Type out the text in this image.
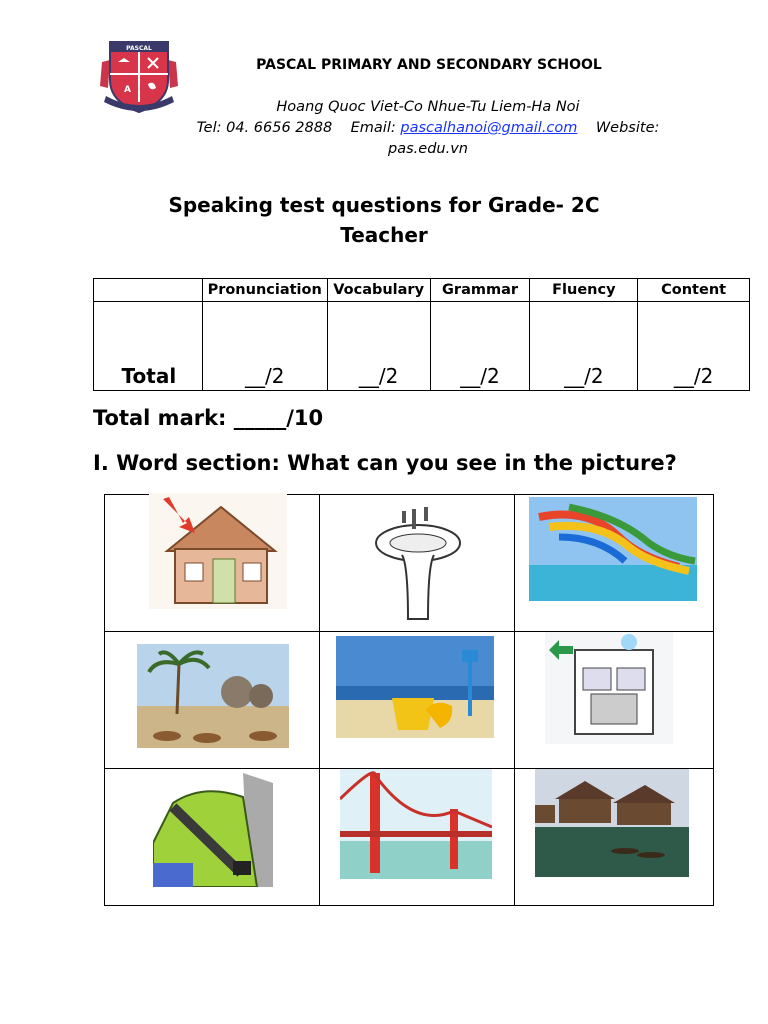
A
PASCAL
PASCAL PRIMARY AND SECONDARY SCHOOL
Hoang Quoc Viet-Co Nhue-Tu Liem-Ha Noi
Tel: 04. 6656 2888 Email: pascalhanoi@gmail.com Website:
pas.edu.vn
Speaking test questions for Grade- 2C
Teacher
	Pronunciation	Vocabulary	Grammar	Fluency	Content
Total	__/2	__/2	__/2	__/2	__/2
Total mark: _____/10
I. Word section: What can you see in the picture?
